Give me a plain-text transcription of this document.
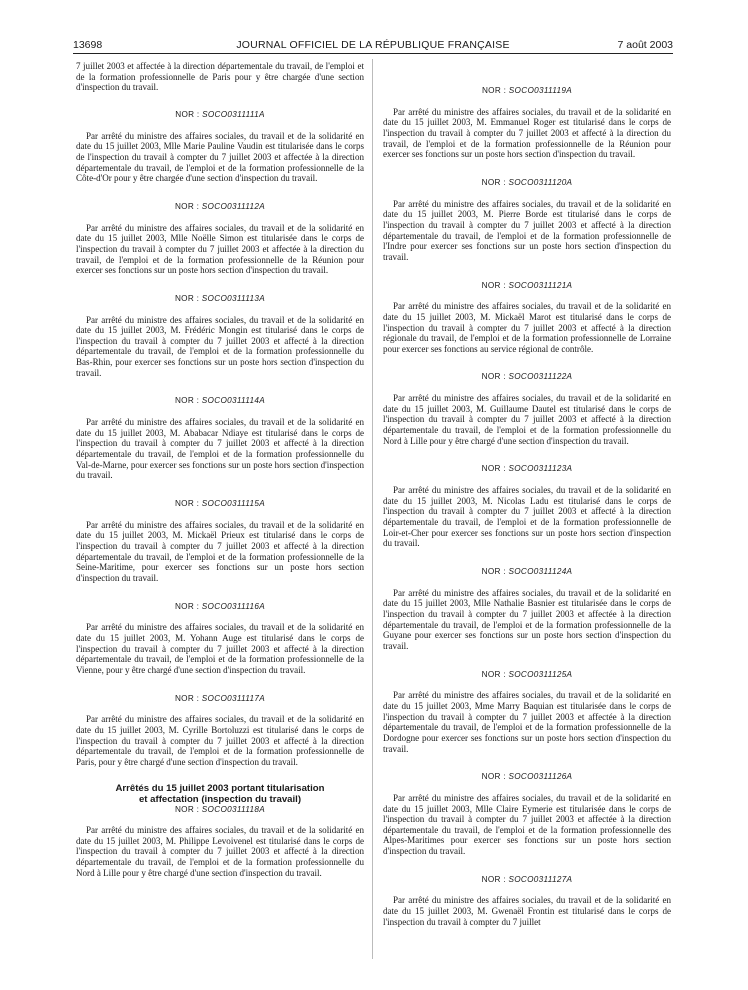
13698	JOURNAL OFFICIEL DE LA RÉPUBLIQUE FRANÇAISE	7 août 2003

7 juillet 2003 et affectée à la direction départementale du travail, de l'emploi et de la formation professionnelle de Paris pour y être chargée d'une section d'inspection du travail.

NOR : SOCO0311111A

Par arrêté du ministre des affaires sociales, du travail et de la solidarité en date du 15 juillet 2003, Mlle Marie Pauline Vaudin est titularisée dans le corps de l'inspection du travail à compter du 7 juillet 2003 et affectée à la direction départementale du travail, de l'emploi et de la formation professionnelle de la Côte-d'Or pour y être chargée d'une section d'inspection du travail.

NOR : SOCO0311112A

Par arrêté du ministre des affaires sociales, du travail et de la solidarité en date du 15 juillet 2003, Mlle Noëlle Simon est titularisée dans le corps de l'inspection du travail à compter du 7 juillet 2003 et affectée à la direction du travail, de l'emploi et de la formation professionnelle de la Réunion pour exercer ses fonctions sur un poste hors section d'inspection du travail.

NOR : SOCO0311113A

Par arrêté du ministre des affaires sociales, du travail et de la solidarité en date du 15 juillet 2003, M. Frédéric Mongin est titularisé dans le corps de l'inspection du travail à compter du 7 juillet 2003 et affecté à la direction départementale du travail, de l'emploi et de la formation professionnelle du Bas-Rhin, pour exercer ses fonctions sur un poste hors section d'inspection du travail.

NOR : SOCO0311114A

Par arrêté du ministre des affaires sociales, du travail et de la solidarité en date du 15 juillet 2003, M. Ababacar Ndiaye est titularisé dans le corps de l'inspection du travail à compter du 7 juillet 2003 et affecté à la direction départementale du travail, de l'emploi et de la formation professionnelle du Val-de-Marne, pour exercer ses fonctions sur un poste hors section d'inspection du travail.

NOR : SOCO0311115A

Par arrêté du ministre des affaires sociales, du travail et de la solidarité en date du 15 juillet 2003, M. Mickaël Prieux est titularisé dans le corps de l'inspection du travail à compter du 7 juillet 2003 et affecté à la direction départementale du travail, de l'emploi et de la formation professionnelle de la Seine-Maritime, pour exercer ses fonctions sur un poste hors section d'inspection du travail.

NOR : SOCO0311116A

Par arrêté du ministre des affaires sociales, du travail et de la solidarité en date du 15 juillet 2003, M. Yohann Auge est titularisé dans le corps de l'inspection du travail à compter du 7 juillet 2003 et affecté à la direction départementale du travail, de l'emploi et de la formation professionnelle de la Vienne, pour y être chargé d'une section d'inspection du travail.

NOR : SOCO0311117A

Par arrêté du ministre des affaires sociales, du travail et de la solidarité en date du 15 juillet 2003, M. Cyrille Bortoluzzi est titularisé dans le corps de l'inspection du travail à compter du 7 juillet 2003 et affecté à la direction départementale du travail, de l'emploi et de la formation professionnelle de Paris, pour y être chargé d'une section d'inspection du travail.

Arrêtés du 15 juillet 2003 portant titularisation
et affectation (inspection du travail)

NOR : SOCO0311118A

Par arrêté du ministre des affaires sociales, du travail et de la solidarité en date du 15 juillet 2003, M. Philippe Levoivenel est titularisé dans le corps de l'inspection du travail à compter du 7 juillet 2003 et affecté à la direction départementale du travail, de l'emploi et de la formation professionnelle du Nord à Lille pour y être chargé d'une section d'inspection du travail.

NOR : SOCO0311119A

Par arrêté du ministre des affaires sociales, du travail et de la solidarité en date du 15 juillet 2003, M. Emmanuel Roger est titularisé dans le corps de l'inspection du travail à compter du 7 juillet 2003 et affecté à la direction du travail, de l'emploi et de la formation professionnelle de la Réunion pour exercer ses fonctions sur un poste hors section d'inspection du travail.

NOR : SOCO0311120A

Par arrêté du ministre des affaires sociales, du travail et de la solidarité en date du 15 juillet 2003, M. Pierre Borde est titularisé dans le corps de l'inspection du travail à compter du 7 juillet 2003 et affecté à la direction départementale du travail, de l'emploi et de la formation professionnelle de l'Indre pour exercer ses fonctions sur un poste hors section d'inspection du travail.

NOR : SOCO0311121A

Par arrêté du ministre des affaires sociales, du travail et de la solidarité en date du 15 juillet 2003, M. Mickaël Marot est titularisé dans le corps de l'inspection du travail à compter du 7 juillet 2003 et affecté à la direction régionale du travail, de l'emploi et de la formation professionnelle de Lorraine pour exercer ses fonctions au service régional de contrôle.

NOR : SOCO0311122A

Par arrêté du ministre des affaires sociales, du travail et de la solidarité en date du 15 juillet 2003, M. Guillaume Dautel est titularisé dans le corps de l'inspection du travail à compter du 7 juillet 2003 et affecté à la direction départementale du travail, de l'emploi et de la formation professionnelle du Nord à Lille pour y être chargé d'une section d'inspection du travail.

NOR : SOCO0311123A

Par arrêté du ministre des affaires sociales, du travail et de la solidarité en date du 15 juillet 2003, M. Nicolas Ladu est titularisé dans le corps de l'inspection du travail à compter du 7 juillet 2003 et affecté à la direction départementale du travail, de l'emploi et de la formation professionnelle de Loir-et-Cher pour exercer ses fonctions sur un poste hors section d'inspection du travail.

NOR : SOCO0311124A

Par arrêté du ministre des affaires sociales, du travail et de la solidarité en date du 15 juillet 2003, Mlle Nathalie Basnier est titularisée dans le corps de l'inspection du travail à compter du 7 juillet 2003 et affectée à la direction départementale du travail, de l'emploi et de la formation professionnelle de la Guyane pour exercer ses fonctions sur un poste hors section d'inspection du travail.

NOR : SOCO0311125A

Par arrêté du ministre des affaires sociales, du travail et de la solidarité en date du 15 juillet 2003, Mme Marry Baquian est titularisée dans le corps de l'inspection du travail à compter du 7 juillet 2003 et affectée à la direction départementale du travail, de l'emploi et de la formation professionnelle de la Dordogne pour exercer ses fonctions sur un poste hors section d'inspection du travail.

NOR : SOCO0311126A

Par arrêté du ministre des affaires sociales, du travail et de la solidarité en date du 15 juillet 2003, Mlle Claire Eymerie est titularisée dans le corps de l'inspection du travail à compter du 7 juillet 2003 et affectée à la direction départementale du travail, de l'emploi et de la formation professionnelle des Alpes-Maritimes pour exercer ses fonctions sur un poste hors section d'inspection du travail.

NOR : SOCO0311127A

Par arrêté du ministre des affaires sociales, du travail et de la solidarité en date du 15 juillet 2003, M. Gwenaël Frontin est titularisé dans le corps de l'inspection du travail à compter du 7 juillet
